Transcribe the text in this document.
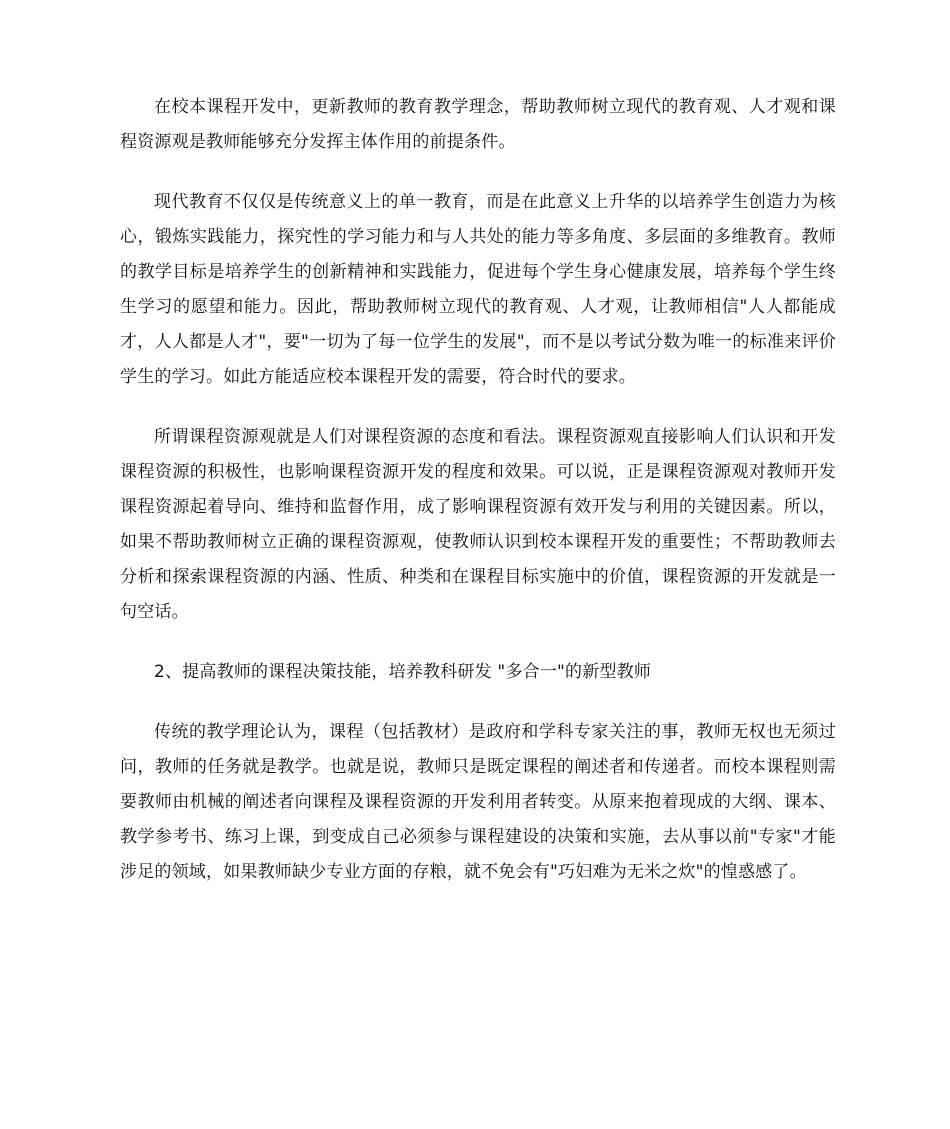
在校本课程开发中，更新教师的教育教学理念，帮助教师树立现代的教育观、人才观和课程资源观是教师能够充分发挥主体作用的前提条件。

现代教育不仅仅是传统意义上的单一教育，而是在此意义上升华的以培养学生创造力为核心，锻炼实践能力，探究性的学习能力和与人共处的能力等多角度、多层面的多维教育。教师的教学目标是培养学生的创新精神和实践能力，促进每个学生身心健康发展，培养每个学生终生学习的愿望和能力。因此，帮助教师树立现代的教育观、人才观，让教师相信"人人都能成才，人人都是人才"，要"一切为了每一位学生的发展"，而不是以考试分数为唯一的标准来评价学生的学习。如此方能适应校本课程开发的需要，符合时代的要求。

所谓课程资源观就是人们对课程资源的态度和看法。课程资源观直接影响人们认识和开发课程资源的积极性，也影响课程资源开发的程度和效果。可以说，正是课程资源观对教师开发课程资源起着导向、维持和监督作用，成了影响课程资源有效开发与利用的关键因素。所以，如果不帮助教师树立正确的课程资源观，使教师认识到校本课程开发的重要性；不帮助教师去分析和探索课程资源的内涵、性质、种类和在课程目标实施中的价值，课程资源的开发就是一句空话。

2、提高教师的课程决策技能，培养教科研发 "多合一"的新型教师

传统的教学理论认为，课程（包括教材）是政府和学科专家关注的事，教师无权也无须过问，教师的任务就是教学。也就是说，教师只是既定课程的阐述者和传递者。而校本课程则需要教师由机械的阐述者向课程及课程资源的开发利用者转变。从原来抱着现成的大纲、课本、教学参考书、练习上课，到变成自己必须参与课程建设的决策和实施，去从事以前"专家"才能涉足的领域，如果教师缺少专业方面的存粮，就不免会有"巧妇难为无米之炊"的惶惑感了。
